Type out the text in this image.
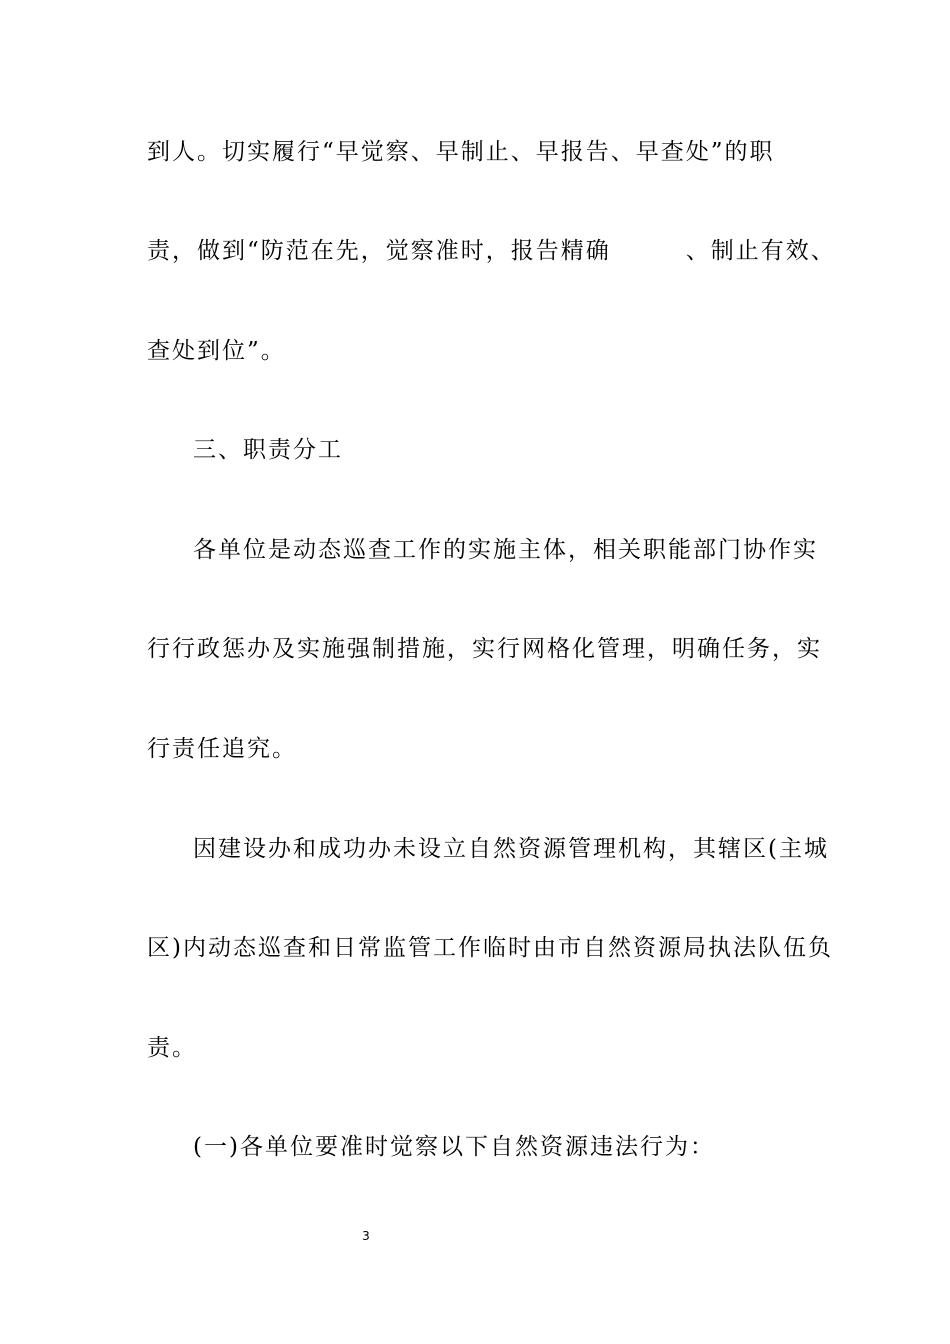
到人。切实履行“早觉察、早制止、早报告、早查处”的职
责，做到“防范在先，觉察准时，报告精确　　　、制止有效、
查处到位”。
三、职责分工
各单位是动态巡查工作的实施主体，相关职能部门协作实
行行政惩办及实施强制措施，实行网格化管理，明确任务，实
行责任追究。
因建设办和成功办未设立自然资源管理机构，其辖区(主城
区)内动态巡查和日常监管工作临时由市自然资源局执法队伍负
责。
(一)各单位要准时觉察以下自然资源违法行为：
3
